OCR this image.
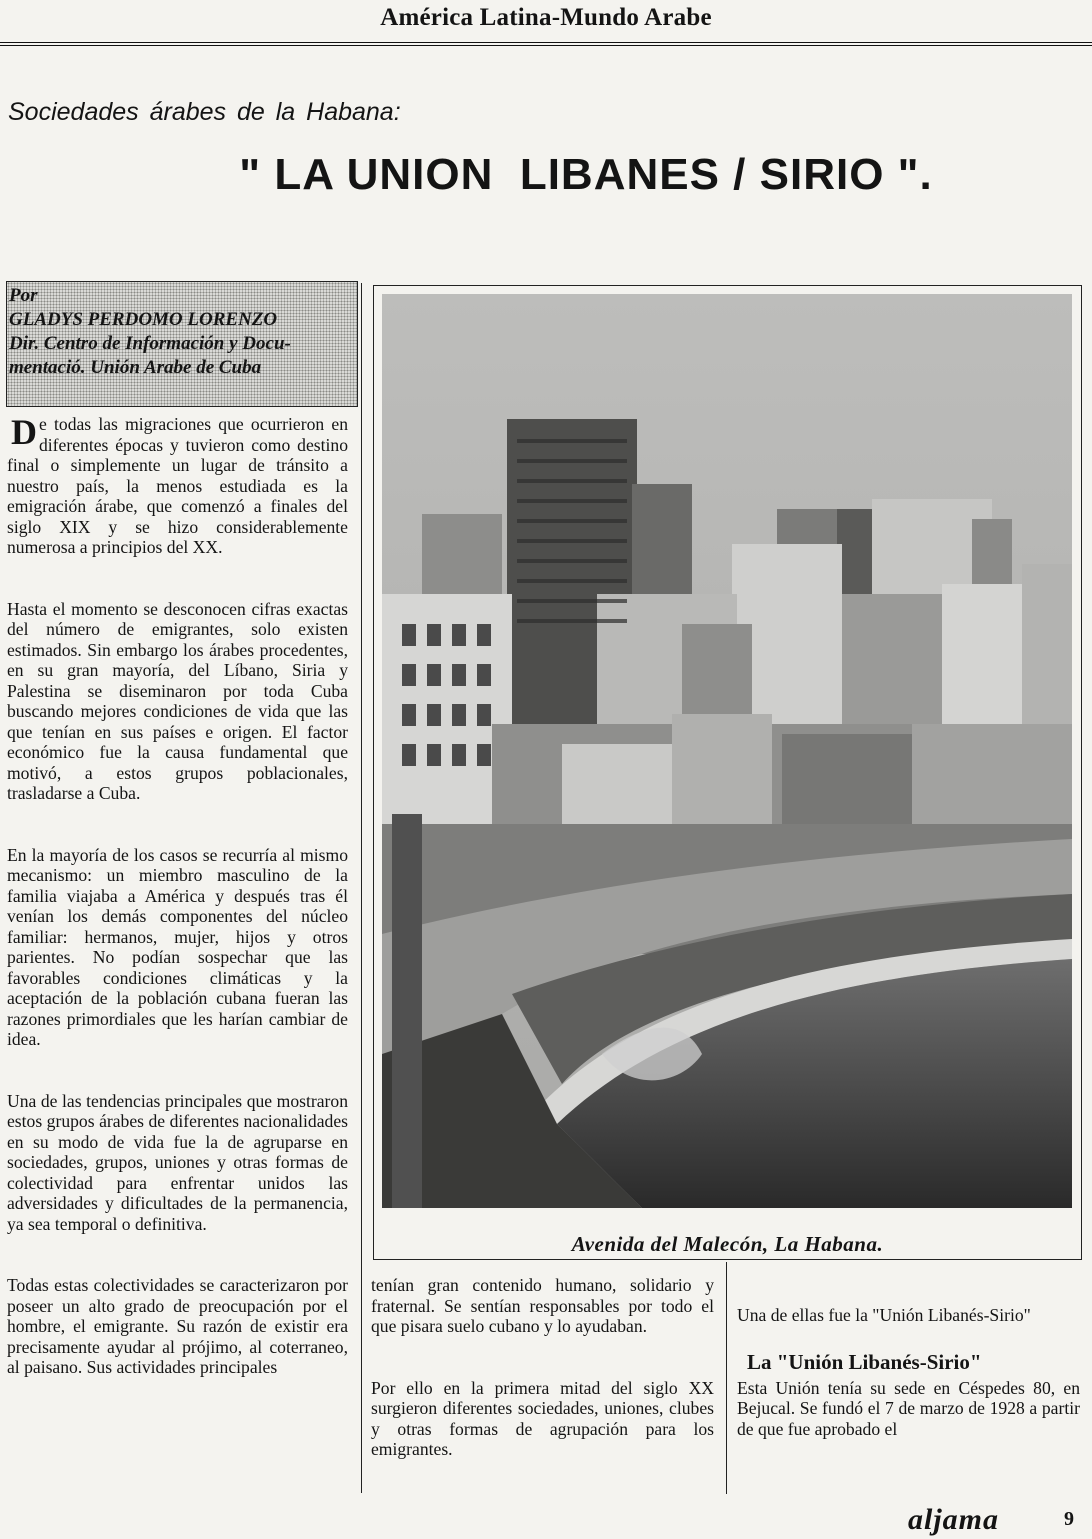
América Latina-Mundo Arabe
Sociedades árabes de la Habana:
" LA UNION  LIBANES / SIRIO ".
Por
GLADYS PERDOMO LORENZO
Dir. Centro de Información y Docu-
mentació. Unión Arabe de Cuba

De todas las migraciones que ocurrieron en diferentes épocas y tuvieron como destino final o simplemente un lugar de tránsito a nuestro país, la menos estudiada es la emigración árabe, que comenzó a finales del siglo XIX y se hizo considerablemente numerosa a principios del XX.

Hasta el momento se desconocen cifras exactas del número de emigrantes, solo existen estimados. Sin embargo los árabes procedentes, en su gran mayoría, del Líbano, Siria y Palestina se diseminaron por toda Cuba buscando mejores condiciones de vida que las que tenían en sus países e origen. El factor económico fue la causa fundamental que motivó, a estos grupos poblacionales, trasladarse a Cuba.

En la mayoría de los casos se recurría al mismo mecanismo: un miembro masculino de la familia viajaba a América y después tras él venían los demás componentes del núcleo familiar: hermanos, mujer, hijos y otros parientes. No podían sospechar que las favorables condiciones climáticas y la aceptación de la población cubana fueran las razones primordiales que les harían cambiar de idea.

Una de las tendencias principales que mostraron estos grupos árabes de diferentes nacionalidades en su modo de vida fue la de agruparse en sociedades, grupos, uniones y otras formas de colectividad para enfrentar unidos las adversidades y dificultades de la permanencia, ya sea temporal o definitiva.

Todas estas colectividades se caracterizaron por poseer un alto grado de preocupación por el hombre, el emigrante. Su razón de existir era precisamente ayudar al prójimo, al coterraneo, al paisano. Sus actividades principales

Avenida del Malecón, La Habana.

tenían gran contenido humano, solidario y fraternal. Se sentían responsables por todo el que pisara suelo cubano y lo ayudaban.

Por ello en la primera mitad del siglo XX surgieron diferentes sociedades, uniones, clubes y otras formas de agrupación para los emigrantes.

Una de ellas fue la "Unión Libanés-Sirio"

La "Unión Libanés-Sirio"

Esta Unión tenía su sede en Céspedes 80, en Bejucal. Se fundó el 7 de marzo de 1928 a partir de que fue aprobado el

aljama	9
